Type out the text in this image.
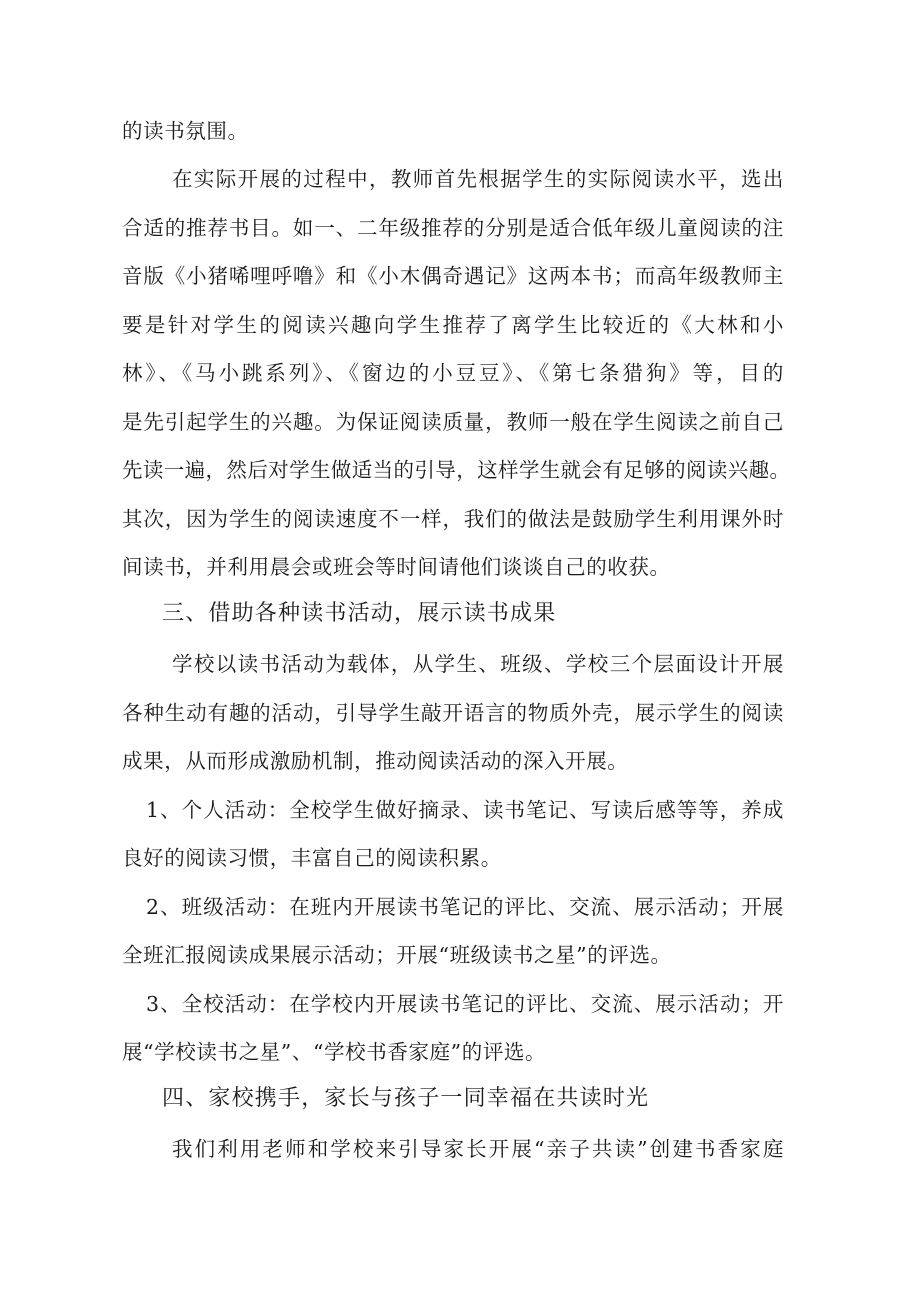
的读书氛围。
在实际开展的过程中，教师首先根据学生的实际阅读水平，选出
合适的推荐书目。如一、二年级推荐的分别是适合低年级儿童阅读的注
音版《小猪唏哩呼噜》和《小木偶奇遇记》这两本书；而高年级教师主
要是针对学生的阅读兴趣向学生推荐了离学生比较近的《大林和小
林》、《马小跳系列》、《窗边的小豆豆》、《第七条猎狗》等，目的
是先引起学生的兴趣。为保证阅读质量，教师一般在学生阅读之前自己
先读一遍，然后对学生做适当的引导，这样学生就会有足够的阅读兴趣。
其次，因为学生的阅读速度不一样，我们的做法是鼓励学生利用课外时
间读书，并利用晨会或班会等时间请他们谈谈自己的收获。
三、借助各种读书活动，展示读书成果
学校以读书活动为载体，从学生、班级、学校三个层面设计开展
各种生动有趣的活动，引导学生敲开语言的物质外壳，展示学生的阅读
成果，从而形成激励机制，推动阅读活动的深入开展。
1、个人活动：全校学生做好摘录、读书笔记、写读后感等等，养成
良好的阅读习惯，丰富自己的阅读积累。
2、班级活动：在班内开展读书笔记的评比、交流、展示活动；开展
全班汇报阅读成果展示活动；开展“班级读书之星”的评选。
3、全校活动：在学校内开展读书笔记的评比、交流、展示活动；开
展“学校读书之星”、“学校书香家庭”的评选。
四、家校携手，家长与孩子一同幸福在共读时光
我们利用老师和学校来引导家长开展“亲子共读”创建书香家庭
